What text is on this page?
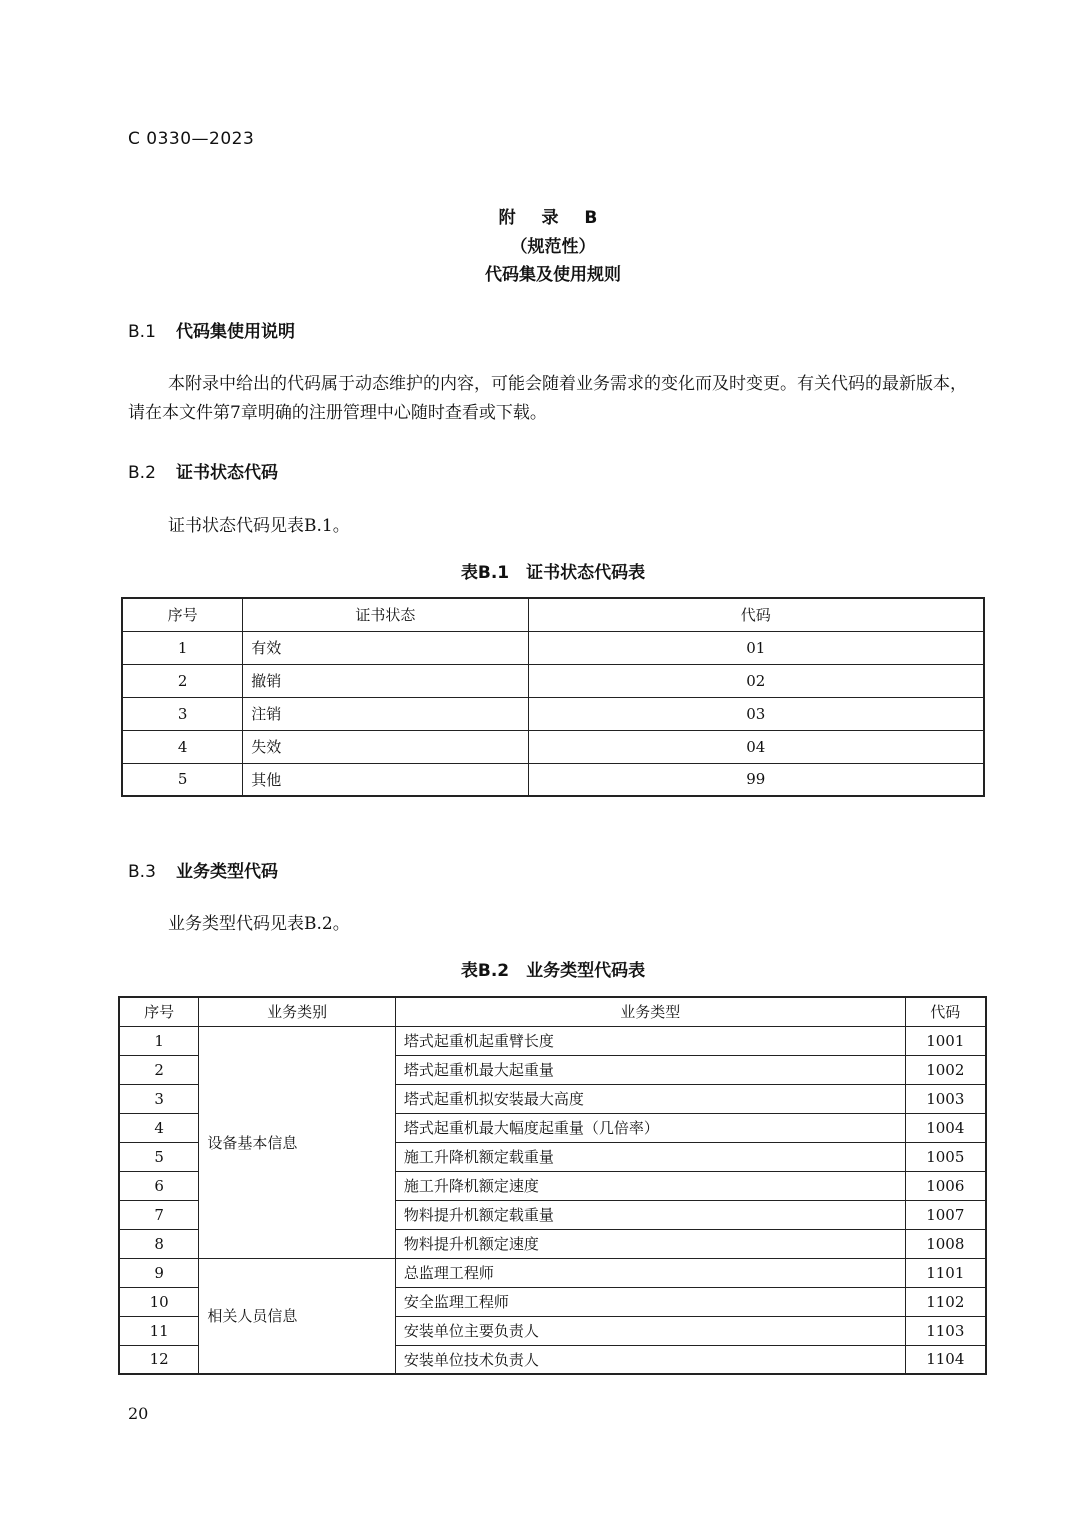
C 0330—2023
附 录 B
（规范性）
代码集及使用规则
B.1 代码集使用说明
本附录中给出的代码属于动态维护的内容，可能会随着业务需求的变化而及时变更。有关代码的最新版本，请在本文件第7章明确的注册管理中心随时查看或下载。
B.2 证书状态代码
证书状态代码见表B.1。
表B.1　证书状态代码表
序号	证书状态	代码
1	有效	01
2	撤销	02
3	注销	03
4	失效	04
5	其他	99
B.3 业务类型代码
业务类型代码见表B.2。
表B.2　业务类型代码表
序号	业务类别	业务类型	代码
1	设备基本信息	塔式起重机起重臂长度	1001
2		塔式起重机最大起重量	1002
3		塔式起重机拟安装最大高度	1003
4		塔式起重机最大幅度起重量（几倍率）	1004
5		施工升降机额定载重量	1005
6		施工升降机额定速度	1006
7		物料提升机额定载重量	1007
8		物料提升机额定速度	1008
9	相关人员信息	总监理工程师	1101
10		安全监理工程师	1102
11		安装单位主要负责人	1103
12		安装单位技术负责人	1104
20
